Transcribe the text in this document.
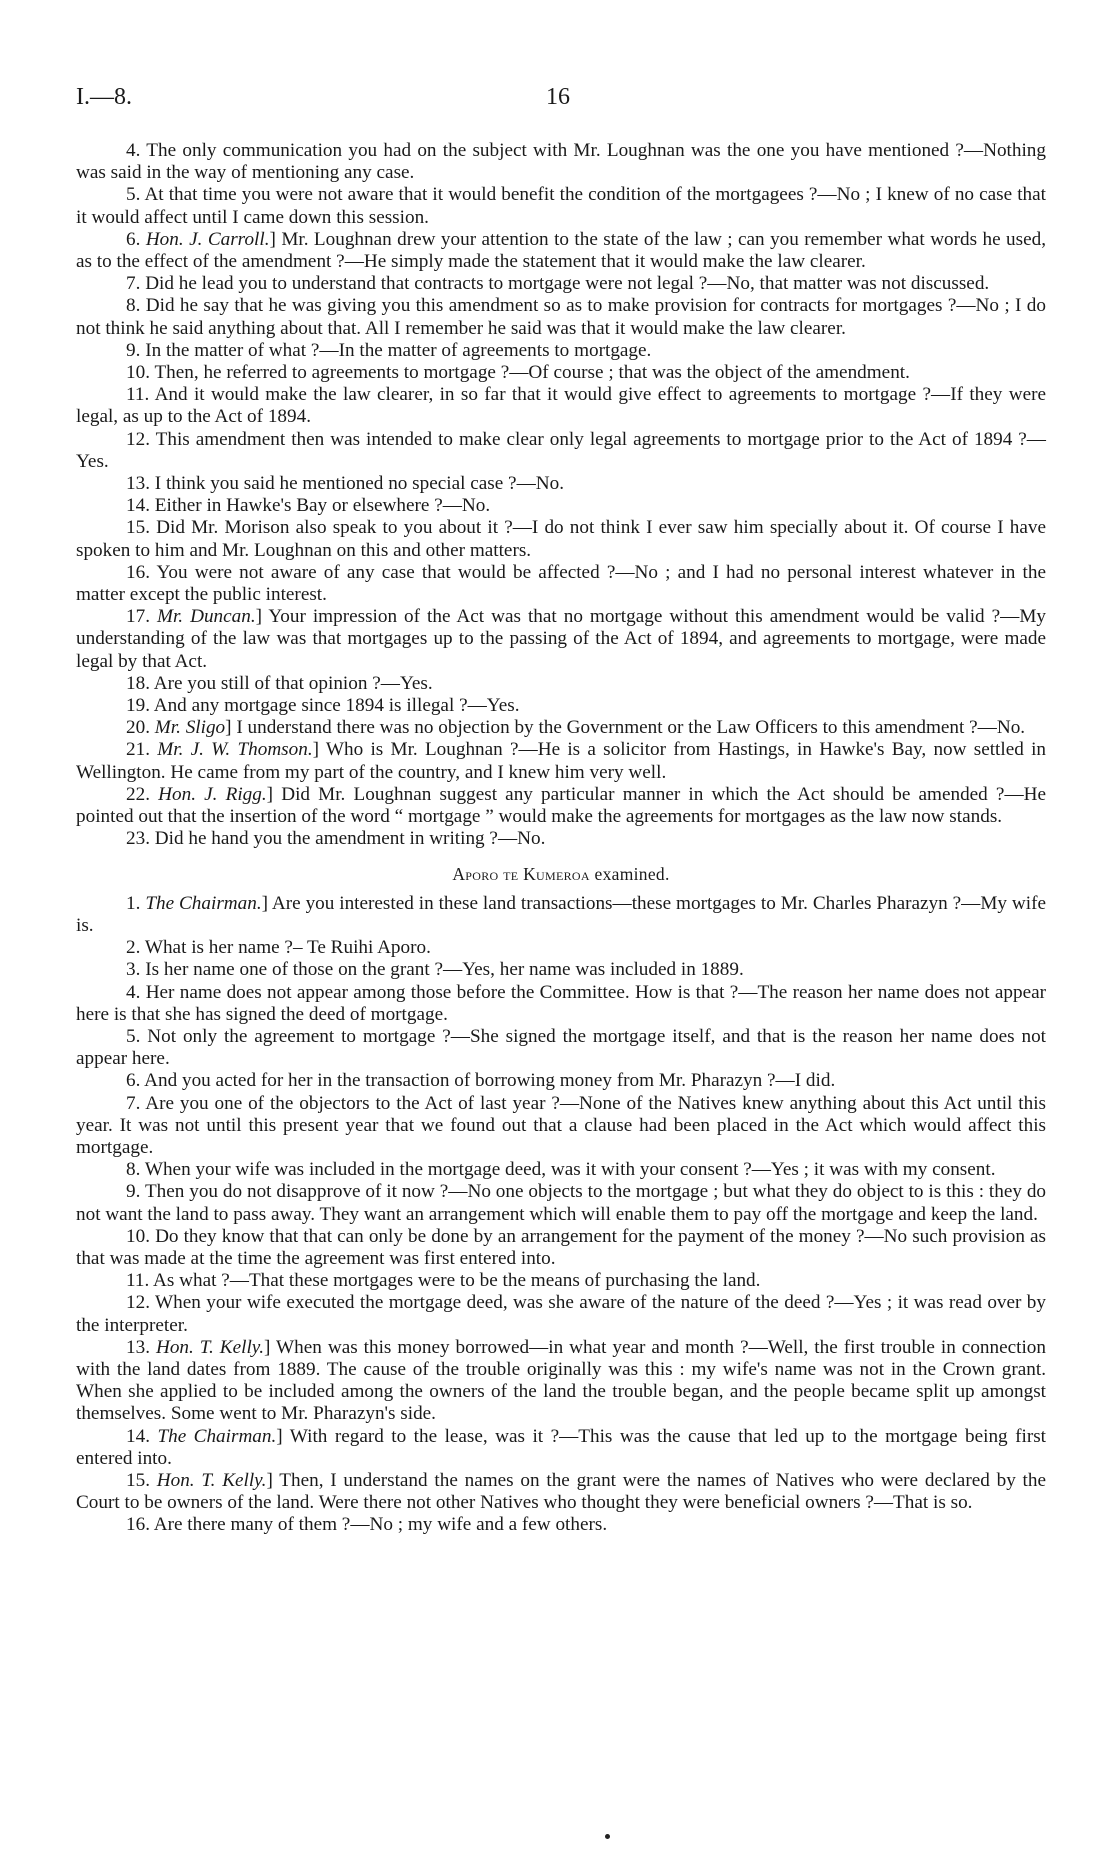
I.—8.	16

4. The only communication you had on the subject with Mr. Loughnan was the one you have mentioned ?—Nothing was said in the way of mentioning any case.

5. At that time you were not aware that it would benefit the condition of the mortgagees ?—No ; I knew of no case that it would affect until I came down this session.

6. Hon. J. Carroll.] Mr. Loughnan drew your attention to the state of the law ; can you remember what words he used, as to the effect of the amendment ?—He simply made the statement that it would make the law clearer.

7. Did he lead you to understand that contracts to mortgage were not legal ?—No, that matter was not discussed.

8. Did he say that he was giving you this amendment so as to make provision for contracts for mortgages ?—No ; I do not think he said anything about that. All I remember he said was that it would make the law clearer.

9. In the matter of what ?—In the matter of agreements to mortgage.

10. Then, he referred to agreements to mortgage ?—Of course ; that was the object of the amendment.

11. And it would make the law clearer, in so far that it would give effect to agreements to mortgage ?—If they were legal, as up to the Act of 1894.

12. This amendment then was intended to make clear only legal agreements to mortgage prior to the Act of 1894 ?—Yes.

13. I think you said he mentioned no special case ?—No.

14. Either in Hawke's Bay or elsewhere ?—No.

15. Did Mr. Morison also speak to you about it ?—I do not think I ever saw him specially about it. Of course I have spoken to him and Mr. Loughnan on this and other matters.

16. You were not aware of any case that would be affected ?—No ; and I had no personal interest whatever in the matter except the public interest.

17. Mr. Duncan.] Your impression of the Act was that no mortgage without this amendment would be valid ?—My understanding of the law was that mortgages up to the passing of the Act of 1894, and agreements to mortgage, were made legal by that Act.

18. Are you still of that opinion ?—Yes.

19. And any mortgage since 1894 is illegal ?—Yes.

20. Mr. Sligo] I understand there was no objection by the Government or the Law Officers to this amendment ?—No.

21. Mr. J. W. Thomson.] Who is Mr. Loughnan ?—He is a solicitor from Hastings, in Hawke's Bay, now settled in Wellington. He came from my part of the country, and I knew him very well.

22. Hon. J. Rigg.] Did Mr. Loughnan suggest any particular manner in which the Act should be amended ?—He pointed out that the insertion of the word “ mortgage ” would make the agreements for mortgages as the law now stands.

23. Did he hand you the amendment in writing ?—No.

Aporo te Kumeroa examined.

1. The Chairman.] Are you interested in these land transactions—these mortgages to Mr. Charles Pharazyn ?—My wife is.

2. What is her name ?– Te Ruihi Aporo.

3. Is her name one of those on the grant ?—Yes, her name was included in 1889.

4. Her name does not appear among those before the Committee. How is that ?—The reason her name does not appear here is that she has signed the deed of mortgage.

5. Not only the agreement to mortgage ?—She signed the mortgage itself, and that is the reason her name does not appear here.

6. And you acted for her in the transaction of borrowing money from Mr. Pharazyn ?—I did.

7. Are you one of the objectors to the Act of last year ?—None of the Natives knew anything about this Act until this year. It was not until this present year that we found out that a clause had been placed in the Act which would affect this mortgage.

8. When your wife was included in the mortgage deed, was it with your consent ?—Yes ; it was with my consent.

9. Then you do not disapprove of it now ?—No one objects to the mortgage ; but what they do object to is this : they do not want the land to pass away. They want an arrangement which will enable them to pay off the mortgage and keep the land.

10. Do they know that that can only be done by an arrangement for the payment of the money ?—No such provision as that was made at the time the agreement was first entered into.

11. As what ?—That these mortgages were to be the means of purchasing the land.

12. When your wife executed the mortgage deed, was she aware of the nature of the deed ?—Yes ; it was read over by the interpreter.

13. Hon. T. Kelly.] When was this money borrowed—in what year and month ?—Well, the first trouble in connection with the land dates from 1889. The cause of the trouble originally was this : my wife's name was not in the Crown grant. When she applied to be included among the owners of the land the trouble began, and the people became split up amongst themselves. Some went to Mr. Pharazyn's side.

14. The Chairman.] With regard to the lease, was it ?—This was the cause that led up to the mortgage being first entered into.

15. Hon. T. Kelly.] Then, I understand the names on the grant were the names of Natives who were declared by the Court to be owners of the land. Were there not other Natives who thought they were beneficial owners ?—That is so.

16. Are there many of them ?—No ; my wife and a few others.
